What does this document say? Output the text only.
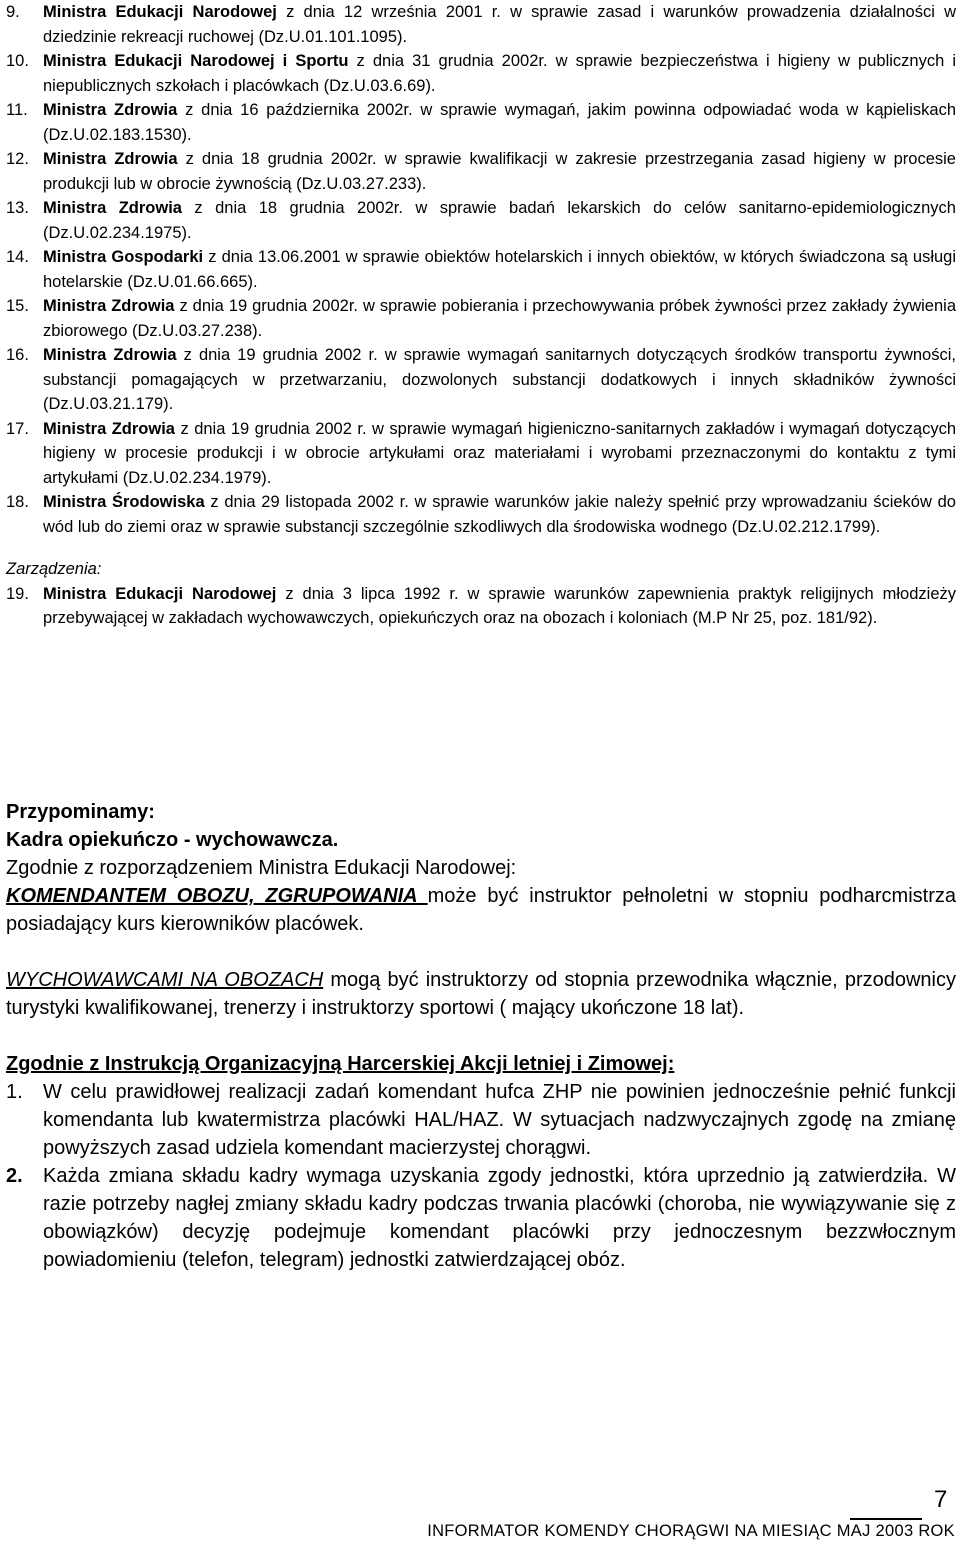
9.	Ministra Edukacji Narodowej z dnia 12 września 2001 r. w sprawie zasad i warunków prowadzenia działalności w dziedzinie rekreacji ruchowej (Dz.U.01.101.1095).
10. Ministra Edukacji Narodowej i Sportu z dnia 31 grudnia 2002r. w sprawie bezpieczeństwa i higieny w publicznych i niepublicznych szkołach i placówkach (Dz.U.03.6.69).
11. Ministra Zdrowia z dnia 16 października 2002r. w sprawie wymagań, jakim powinna odpowiadać woda w kąpieliskach (Dz.U.02.183.1530).
12. Ministra Zdrowia z dnia 18 grudnia 2002r. w sprawie kwalifikacji w zakresie przestrzegania zasad higieny w procesie produkcji lub w obrocie żywnością (Dz.U.03.27.233).
13. Ministra Zdrowia z dnia 18 grudnia 2002r. w sprawie badań lekarskich do celów sanitarno-epidemiologicznych (Dz.U.02.234.1975).
14. Ministra Gospodarki z dnia 13.06.2001 w sprawie obiektów hotelarskich i innych obiektów, w których świadczona są usługi hotelarskie (Dz.U.01.66.665).
15. Ministra Zdrowia z dnia 19 grudnia 2002r. w sprawie pobierania i przechowywania próbek żywności przez zakłady żywienia zbiorowego (Dz.U.03.27.238).
16. Ministra Zdrowia z dnia 19 grudnia 2002 r. w sprawie wymagań sanitarnych dotyczących środków transportu żywności, substancji pomagających w przetwarzaniu, dozwolonych substancji dodatkowych i innych składników żywności (Dz.U.03.21.179).
17. Ministra Zdrowia z dnia 19 grudnia 2002 r. w sprawie wymagań higieniczno-sanitarnych zakładów i wymagań dotyczących higieny w procesie produkcji i w obrocie artykułami oraz materiałami i wyrobami przeznaczonymi do kontaktu z tymi artykułami (Dz.U.02.234.1979).
18. Ministra Środowiska z dnia 29 listopada 2002 r. w sprawie warunków jakie należy spełnić przy wprowadzaniu ścieków do wód lub do ziemi oraz w sprawie substancji szczególnie szkodliwych dla środowiska wodnego (Dz.U.02.212.1799).
Zarządzenia:
19. Ministra Edukacji Narodowej z dnia 3 lipca 1992 r. w sprawie warunków zapewnienia praktyk religijnych młodzieży przebywającej w zakładach wychowawczych, opiekuńczych oraz na obozach i koloniach (M.P Nr 25, poz. 181/92).
Przypominamy:
Kadra opiekuńczo - wychowawcza.
Zgodnie z rozporządzeniem Ministra Edukacji Narodowej:
KOMENDANTEM OBOZU, ZGRUPOWANIA może być instruktor pełnoletni w stopniu podharcmistrza posiadający kurs kierowników placówek.
WYCHOWAWCAMI NA OBOZACH mogą być instruktorzy od stopnia przewodnika włącznie, przodownicy turystyki kwalifikowanej, trenerzy i instruktorzy sportowi ( mający ukończone 18 lat).
Zgodnie z Instrukcją Organizacyjną Harcerskiej Akcji letniej i Zimowej:
1.	W celu prawidłowej realizacji zadań komendant hufca ZHP nie powinien jednocześnie pełnić funkcji komendanta lub kwatermistrza placówki HAL/HAZ. W sytuacjach nadzwyczajnych zgodę na zmianę powyższych zasad udziela komendant macierzystej chorągwi.
2.	Każda zmiana składu kadry wymaga uzyskania zgody jednostki, która uprzednio ją zatwierdziła. W razie potrzeby nagłej zmiany składu kadry podczas trwania placówki (choroba, nie wywiązywanie się z obowiązków) decyzję podejmuje komendant placówki przy jednoczesnym bezzwłocznym powiadomieniu (telefon, telegram) jednostki zatwierdzającej obóz.
7
INFORMATOR KOMENDY CHORĄGWI NA MIESIĄC MAJ 2003 ROK
